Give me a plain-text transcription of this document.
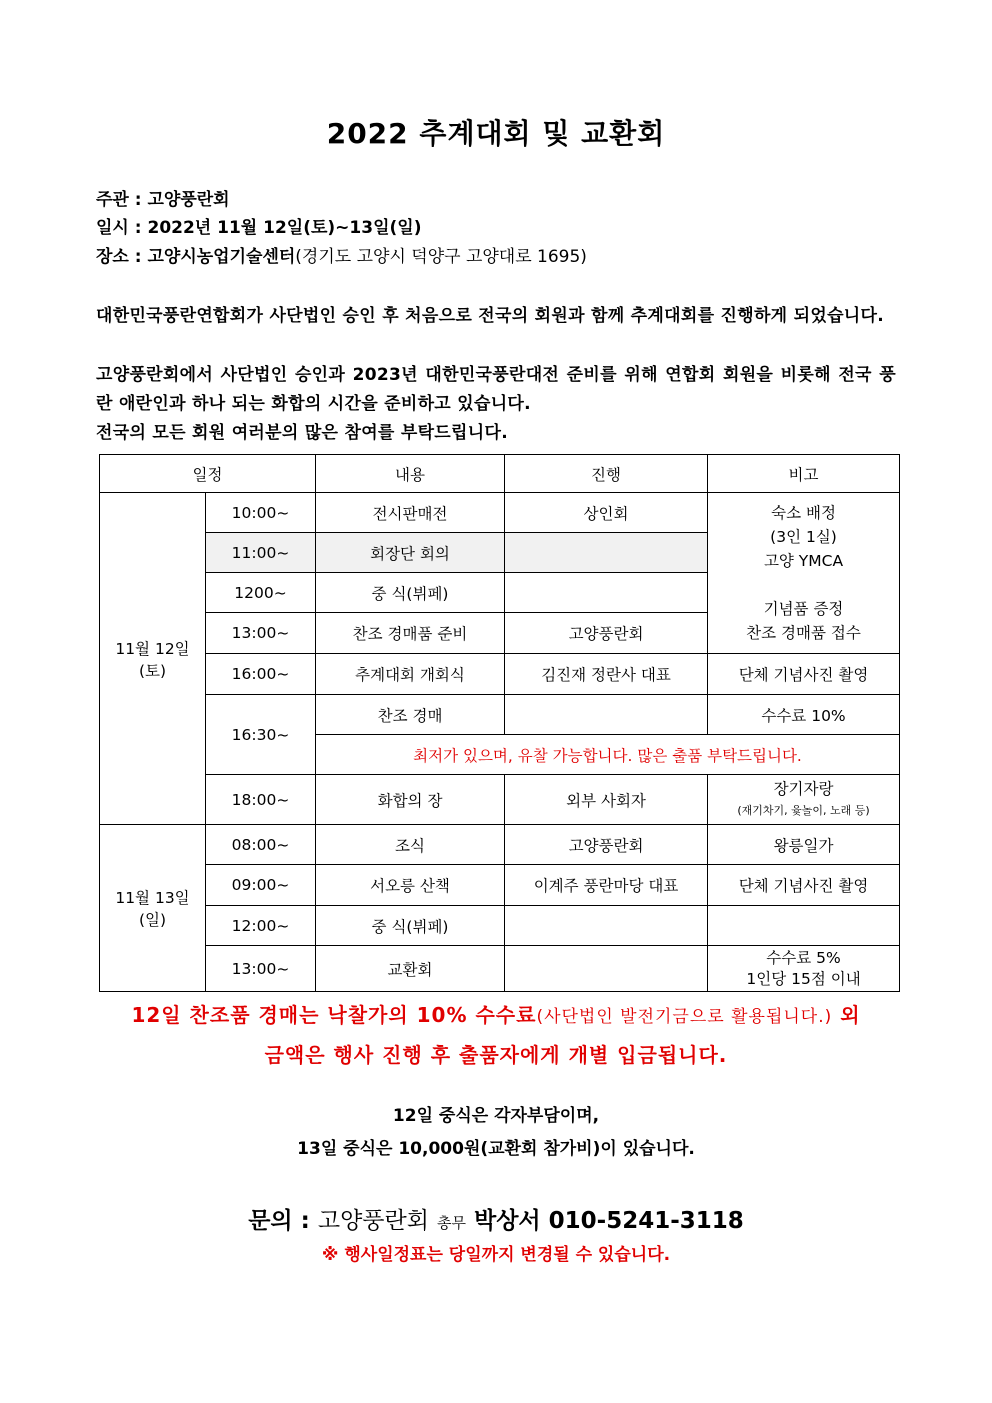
2022 추계대회 및 교환회
주관 : 고양풍란회
일시 : 2022년 11월 12일(토)~13일(일)
장소 : 고양시농업기술센터(경기도 고양시 덕양구 고양대로 1695)
대한민국풍란연합회가 사단법인 승인 후 처음으로 전국의 회원과 함께 추계대회를 진행하게 되었습니다.
고양풍란회에서 사단법인 승인과 2023년 대한민국풍란대전 준비를 위해 연합회 회원을 비롯해 전국 풍란 애란인과 하나 되는 화합의 시간을 준비하고 있습니다.
전국의 모든 회원 여러분의 많은 참여를 부탁드립니다.
일정		내용	진행	비고
11월 12일
(토)	10:00~	전시판매전	상인회	숙소 배정
(3인 1실)
고양 YMCA

기념품 증정
찬조 경매품 접수
	11:00~	회장단 회의		
	1200~	중 식(뷔페)		
	13:00~	찬조 경매품 준비	고양풍란회	
	16:00~	추계대회 개회식	김진재 정란사 대표	단체 기념사진 촬영
	16:30~	찬조 경매		수수료 10%
		최저가 있으며, 유찰 가능합니다. 많은 출품 부탁드립니다.		
	18:00~	화합의 장	외부 사회자	장기자랑
(재기차기, 윷놀이, 노래 등)
11월 13일
(일)	08:00~	조식	고양풍란회	왕릉일가
	09:00~	서오릉 산책	이계주 풍란마당 대표	단체 기념사진 촬영
	12:00~	중 식(뷔페)		
	13:00~	교환회		수수료 5%
1인당 15점 이내
12일 찬조품 경매는 낙찰가의 10% 수수료(사단법인 발전기금으로 활용됩니다.) 외
금액은 행사 진행 후 출품자에게 개별 입금됩니다.
12일 중식은 각자부담이며,
13일 중식은 10,000원(교환회 참가비)이 있습니다.
문의 : 고양풍란회 총무 박상서 010-5241-3118
※ 행사일정표는 당일까지 변경될 수 있습니다.
